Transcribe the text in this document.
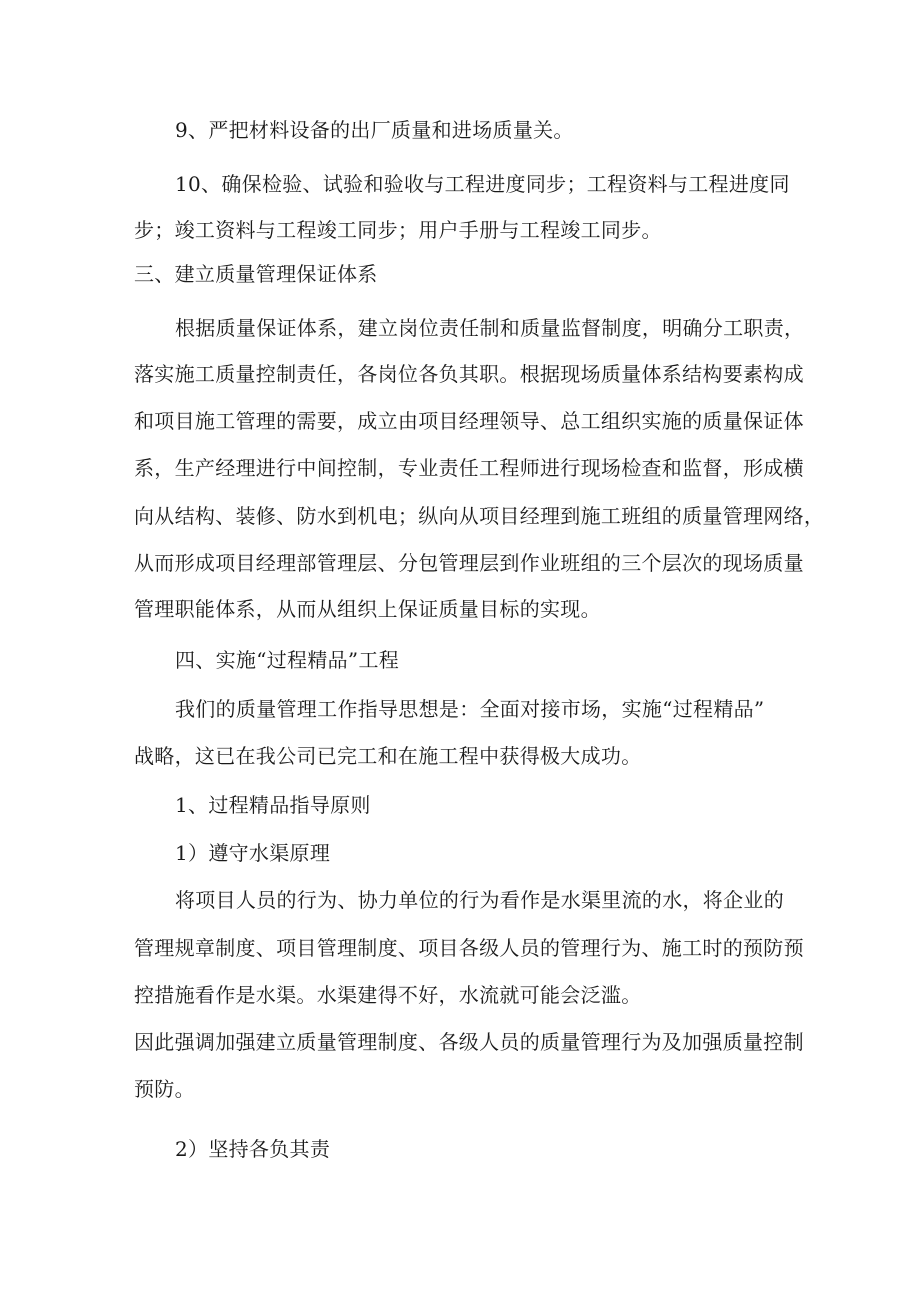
9、严把材料设备的出厂质量和进场质量关。
10、确保检验、试验和验收与工程进度同步；工程资料与工程进度同
步；竣工资料与工程竣工同步；用户手册与工程竣工同步。
三、建立质量管理保证体系
根据质量保证体系，建立岗位责任制和质量监督制度，明确分工职责，
落实施工质量控制责任，各岗位各负其职。根据现场质量体系结构要素构成
和项目施工管理的需要，成立由项目经理领导、总工组织实施的质量保证体
系，生产经理进行中间控制，专业责任工程师进行现场检查和监督，形成横
向从结构、装修、防水到机电；纵向从项目经理到施工班组的质量管理网络，
从而形成项目经理部管理层、分包管理层到作业班组的三个层次的现场质量
管理职能体系，从而从组织上保证质量目标的实现。
四、实施“过程精品”工程
我们的质量管理工作指导思想是：全面对接市场，实施“过程精品”
战略，这已在我公司已完工和在施工程中获得极大成功。
1、过程精品指导原则
1）遵守水渠原理
将项目人员的行为、协力单位的行为看作是水渠里流的水，将企业的
管理规章制度、项目管理制度、项目各级人员的管理行为、施工时的预防预
控措施看作是水渠。水渠建得不好，水流就可能会泛滥。
因此强调加强建立质量管理制度、各级人员的质量管理行为及加强质量控制
预防。
2）坚持各负其责
